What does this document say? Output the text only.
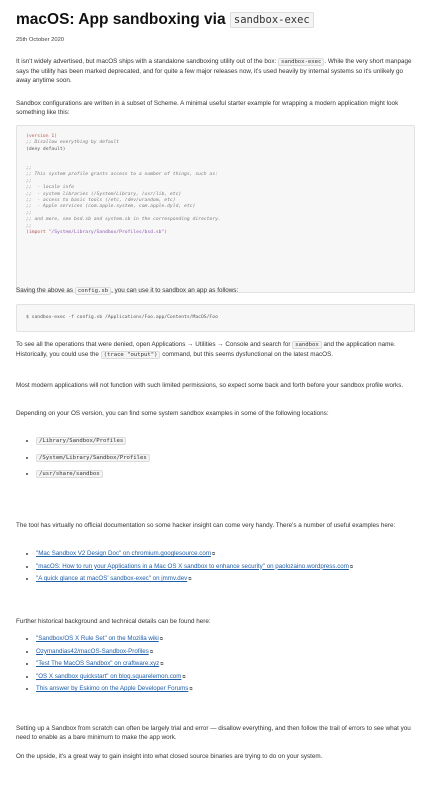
macOS: App sandboxing via sandbox-exec
25th October 2020

It isn't widely advertised, but macOS ships with a standalone sandboxing utility out of the box: sandbox-exec . While the very short manpage says the utility has been marked deprecated, and for quite a few major releases now, it's used heavily by internal systems so it's unlikely go away anytime soon.

Sandbox configurations are written in a subset of Scheme. A minimal useful starter example for wrapping a modern application might look something like this:

(version 1)
;; Disallow everything by default
(deny default)

;;
;; This system profile grants access to a number of things, such as:
;;
;;  - locale info
;;  - system libraries (/System/Library, /usr/lib, etc)
;;  - access to basic tools (/etc, /dev/urandom, etc)
;;  - Apple services (com.apple.system, com.apple.dyld, etc)
;;
;; and more, see bsd.sb and system.sb in the corresponding directory.
;;
(import "/System/Library/Sandbox/Profiles/bsd.sb")

Saving the above as config.sb , you can use it to sandbox an app as follows:

$ sandbox-exec -f config.sb /Applications/Foo.app/Contents/MacOS/Foo

To see all the operations that were denied, open Applications → Utilities → Console and search for sandbox and the application name. Historically, you could use the (trace "output") command, but this seems dysfunctional on the latest macOS.

Most modern applications will not function with such limited permissions, so expect some back and forth before your sandbox profile works.

Depending on your OS version, you can find some system sandbox examples in some of the following locations:

• /Library/Sandbox/Profiles
• /System/Library/Sandbox/Profiles
• /usr/share/sandbox

The tool has virtually no official documentation so some hacker insight can come very handy. There's a number of useful examples here:

• "Mac Sandbox V2 Design Doc" on chromium.googlesource.com⧉
• "macOS: How to run your Applications in a Mac OS X sandbox to enhance security" on paolozaino.wordpress.com⧉
• "A quick glance at macOS' sandbox-exec" on jmmv.dev⧉

Further historical background and technical details can be found here:

• "Sandbox/OS X Rule Set" on the Mozilla wiki⧉
• Ozymandias42/macOS-Sandbox-Profiles⧉
• "Test The MacOS Sandbox" on craftware.xyz⧉
• "OS X sandbox quickstart" on blog.squarelemon.com⧉
• This answer by Eskimo on the Apple Developer Forums⧉

Setting up a Sandbox from scratch can often be largely trial and error — disallow everything, and then follow the trail of errors to see what you need to enable as a bare minimum to make the app work.

On the upside, it's a great way to gain insight into what closed source binaries are trying to do on your system.
